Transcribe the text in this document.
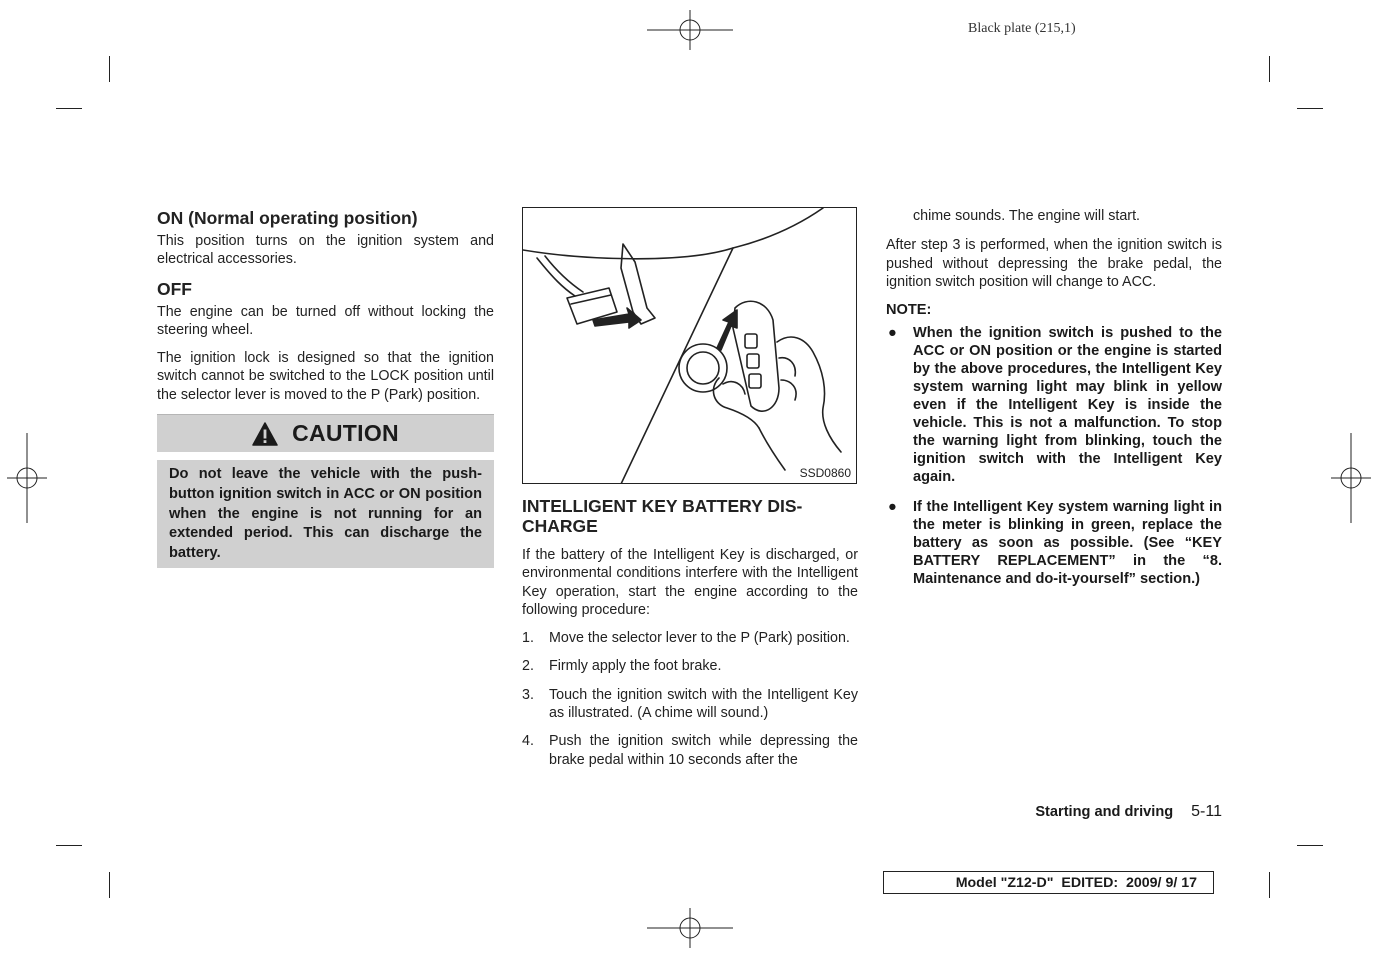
Black plate (215,1)
ON (Normal operating position)

This position turns on the ignition system and electrical accessories.

OFF

The engine can be turned off without locking the steering wheel.

The ignition lock is designed so that the ignition switch cannot be switched to the LOCK position until the selector lever is moved to the P (Park) position.

CAUTION
Do not leave the vehicle with the push-button ignition switch in ACC or ON position when the engine is not running for an extended period. This can discharge the battery.
SSD0860
INTELLIGENT KEY BATTERY DIS-CHARGE

If the battery of the Intelligent Key is discharged, or environmental conditions interfere with the Intelligent Key operation, start the engine according to the following procedure:

1.	Move the selector lever to the P (Park) position.
2.	Firmly apply the foot brake.
3.	Touch the ignition switch with the Intelligent Key as illustrated. (A chime will sound.)
4.	Push the ignition switch while depressing the brake pedal within 10 seconds after the

chime sounds. The engine will start.

After step 3 is performed, when the ignition switch is pushed without depressing the brake pedal, the ignition switch position will change to ACC.

NOTE:

●	When the ignition switch is pushed to the ACC or ON position or the engine is started by the above procedures, the Intelligent Key system warning light may blink in yellow even if the Intelligent Key is inside the vehicle. This is not a malfunction. To stop the warning light from blinking, touch the ignition switch with the Intelligent Key again.
●	If the Intelligent Key system warning light in the meter is blinking in green, replace the battery as soon as possible. (See “KEY BATTERY REPLACEMENT” in the “8. Maintenance and do-it-yourself” section.)
Starting and driving 5-11
Model "Z12-D"  EDITED:  2009/ 9/ 17
